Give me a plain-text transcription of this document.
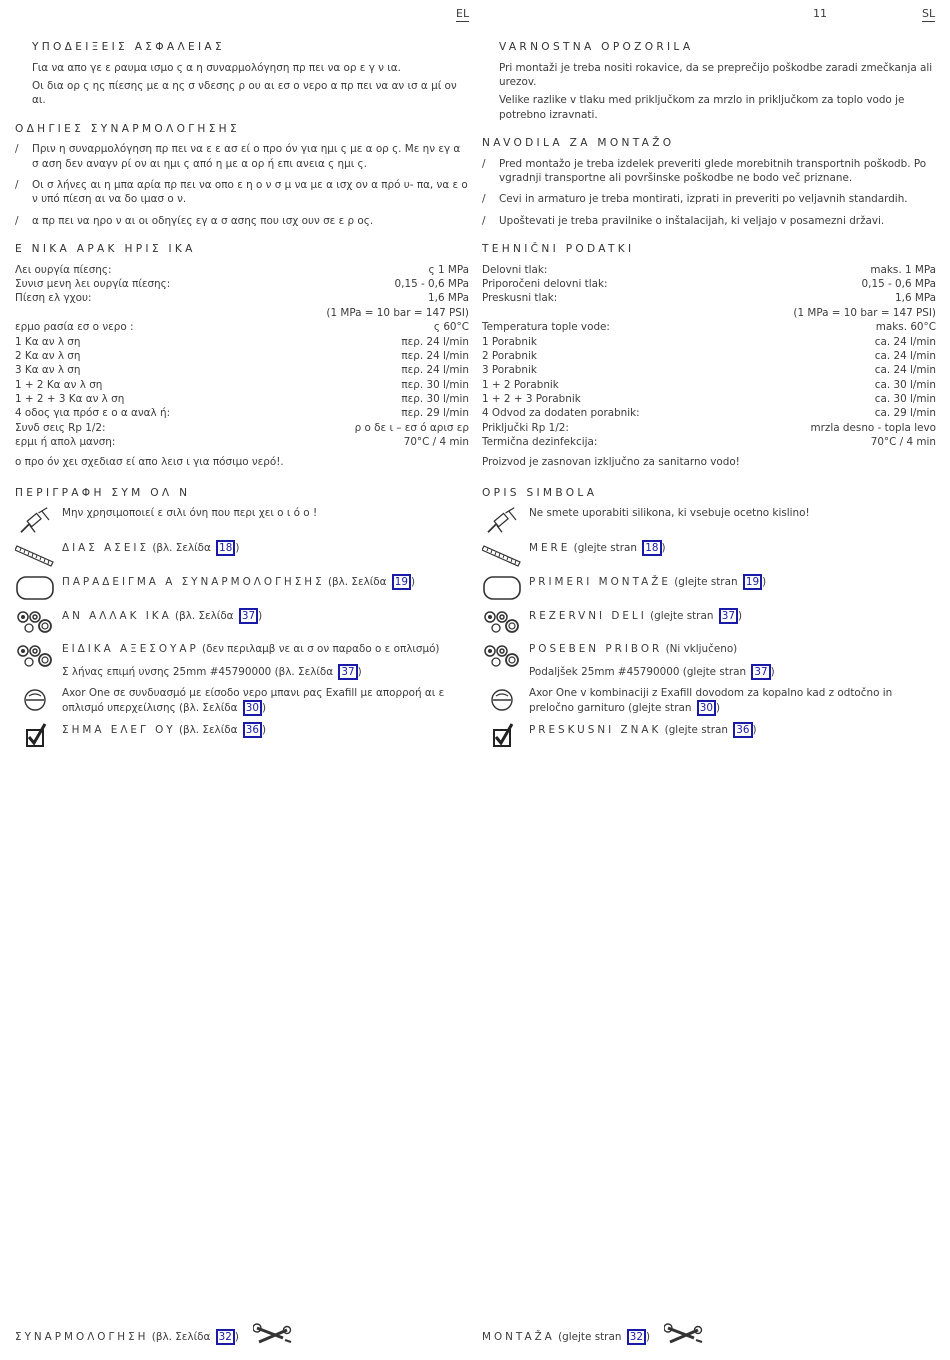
EL	11	SL
ΥΠΟΔΕΙΞΕΙΣ ΑΣΦΑΛΕΙΑΣ
Για να απο γε ε ραυμα ισμο ς α η συναρμολόγηση πρ πει να ορ ε γ ν ια.
Οι δια ορ ς ης πίεσης με α ης σ νδεσης ρ ου αι εσ ο νερο α πρ πει να αν ισ α μί ον αι.
ΟΔΗΓΙΕΣ ΣΥΝΑΡΜΟΛΟΓΗΣΗΣ
/ Πριν η συναρμολόγηση πρ πει να ε ε ασ εί ο προ όν για ημι ς με α ορ ς. Με ην εγ α σ αση δεν αναγν ρί ον αι ημι ς από η με α ορ ή επι ανεια ς ημι ς.
/ Οι σ λήνες αι η μπα αρία πρ πει να οπο ε η ο ν σ μ να με α ισχ ον α πρό υ- πα, να ε ο ν υπό πίεση αι να δο ιμασ ο ν.
/ α πρ πει να ηρο ν αι οι οδηγίες εγ α σ ασης που ισχ ουν σε ε ρ ος.
Ε ΝΙΚΑ ΑΡΑΚ ΗΡΙΣ ΙΚΑ
Λει ουργία πίεσης:	ς 1 MPa
Συνισ μενη λει ουργία πίεσης:	0,15 - 0,6 MPa
Πίεση ελ γχου:	1,6 MPa
(1 MPa = 10 bar = 147 PSI)
ερμο ρασία εσ ο νερο :	ς 60°C
1 Κα αν λ ση	περ. 24 l/min
2 Κα αν λ ση	περ. 24 l/min
3 Κα αν λ ση	περ. 24 l/min
1 + 2 Κα αν λ ση	περ. 30 l/min
1 + 2 + 3 Κα αν λ ση	περ. 30 l/min
4 οδος για πρόσ ε ο α αναλ ή:	περ. 29 l/min
Συνδ σεις Rp 1/2:	ρ ο δε ι – εσ ό αρισ ερ
ερμι ή απολ μανση:	70°C / 4 min
ο προ όν χει σχεδιασ εί απο λεισ ι για πόσιμο νερό!.
ΠΕΡΙΓΡΑΦΗ ΣΥΜ ΟΛ Ν
Μην χρησιμοποιεί ε σιλι όνη που περι χει ο ι ό ο !
ΔΙΑΣ ΑΣΕΙΣ (βλ. Σελίδα 18 )
ΠΑΡΑΔΕΙΓΜΑ Α ΣΥΝΑΡΜΟΛΟΓΗΣΗΣ (βλ. Σελίδα 19 )
ΑΝ ΑΛΛΑΚ ΙΚΑ (βλ. Σελίδα 37 )
ΕΙΔΙΚΑ ΑΞΕΣΟΥΑΡ (δεν περιλαμβ νε αι σ ον παραδο ο ε οπλισμό)
Σ λήνας επιμή υνσης 25mm #45790000 (βλ. Σελίδα 37 )
Axor One σε συνδυασμό με είσοδο νερο μπανι ρας Exafill με απορροή αι ε οπλισμό υπερχείλισης (βλ. Σελίδα 30 )
ΣΗΜΑ ΕΛΕΓ ΟΥ (βλ. Σελίδα 36 )
VARNOSTNA OPOZORILA
Pri montaži je treba nositi rokavice, da se preprečijo poškodbe zaradi zmečkanja ali urezov.
Velike razlike v tlaku med priključkom za mrzlo in priključkom za toplo vodo je potrebno izravnati.
NAVODILA ZA MONTAŽO
/ Pred montažo je treba izdelek preveriti glede morebitnih transportnih poškodb. Po vgradnji transportne ali površinske poškodbe ne bodo več priznane.
/ Cevi in armaturo je treba montirati, izprati in preveriti po veljavnih standardih.
/ Upoštevati je treba pravilnike o inštalacijah, ki veljajo v posamezni državi.
TEHNIČNI PODATKI
Delovni tlak:	maks. 1 MPa
Priporočeni delovni tlak:	0,15 - 0,6 MPa
Preskusni tlak:	1,6 MPa
(1 MPa = 10 bar = 147 PSI)
Temperatura tople vode:	maks. 60°C
1 Porabnik	ca. 24 l/min
2 Porabnik	ca. 24 l/min
3 Porabnik	ca. 24 l/min
1 + 2 Porabnik	ca. 30 l/min
1 + 2 + 3 Porabnik	ca. 30 l/min
4 Odvod za dodaten porabnik:	ca. 29 l/min
Priključki Rp 1/2:	mrzla desno - topla levo
Termična dezinfekcija:	70°C / 4 min
Proizvod je zasnovan izključno za sanitarno vodo!
OPIS SIMBOLA
Ne smete uporabiti silikona, ki vsebuje ocetno kislino!
MERE (glejte stran 18 )
PRIMERI MONTAŽE (glejte stran 19 )
REZERVNI DELI (glejte stran 37 )
POSEBEN PRIBOR (Ni vključeno)
Podaljšek 25mm #45790000 (glejte stran 37 )
Axor One v kombinaciji z Exafill dovodom za kopalno kad z odtočno in preločno garnituro (glejte stran 30 )
PRESKUSNI ZNAK (glejte stran 36 )
ΣΥΝΑΡΜΟΛΟΓΗΣΗ
(βλ. Σελίδα
32 )	MONTAŽA
(glejte stran
32 )
